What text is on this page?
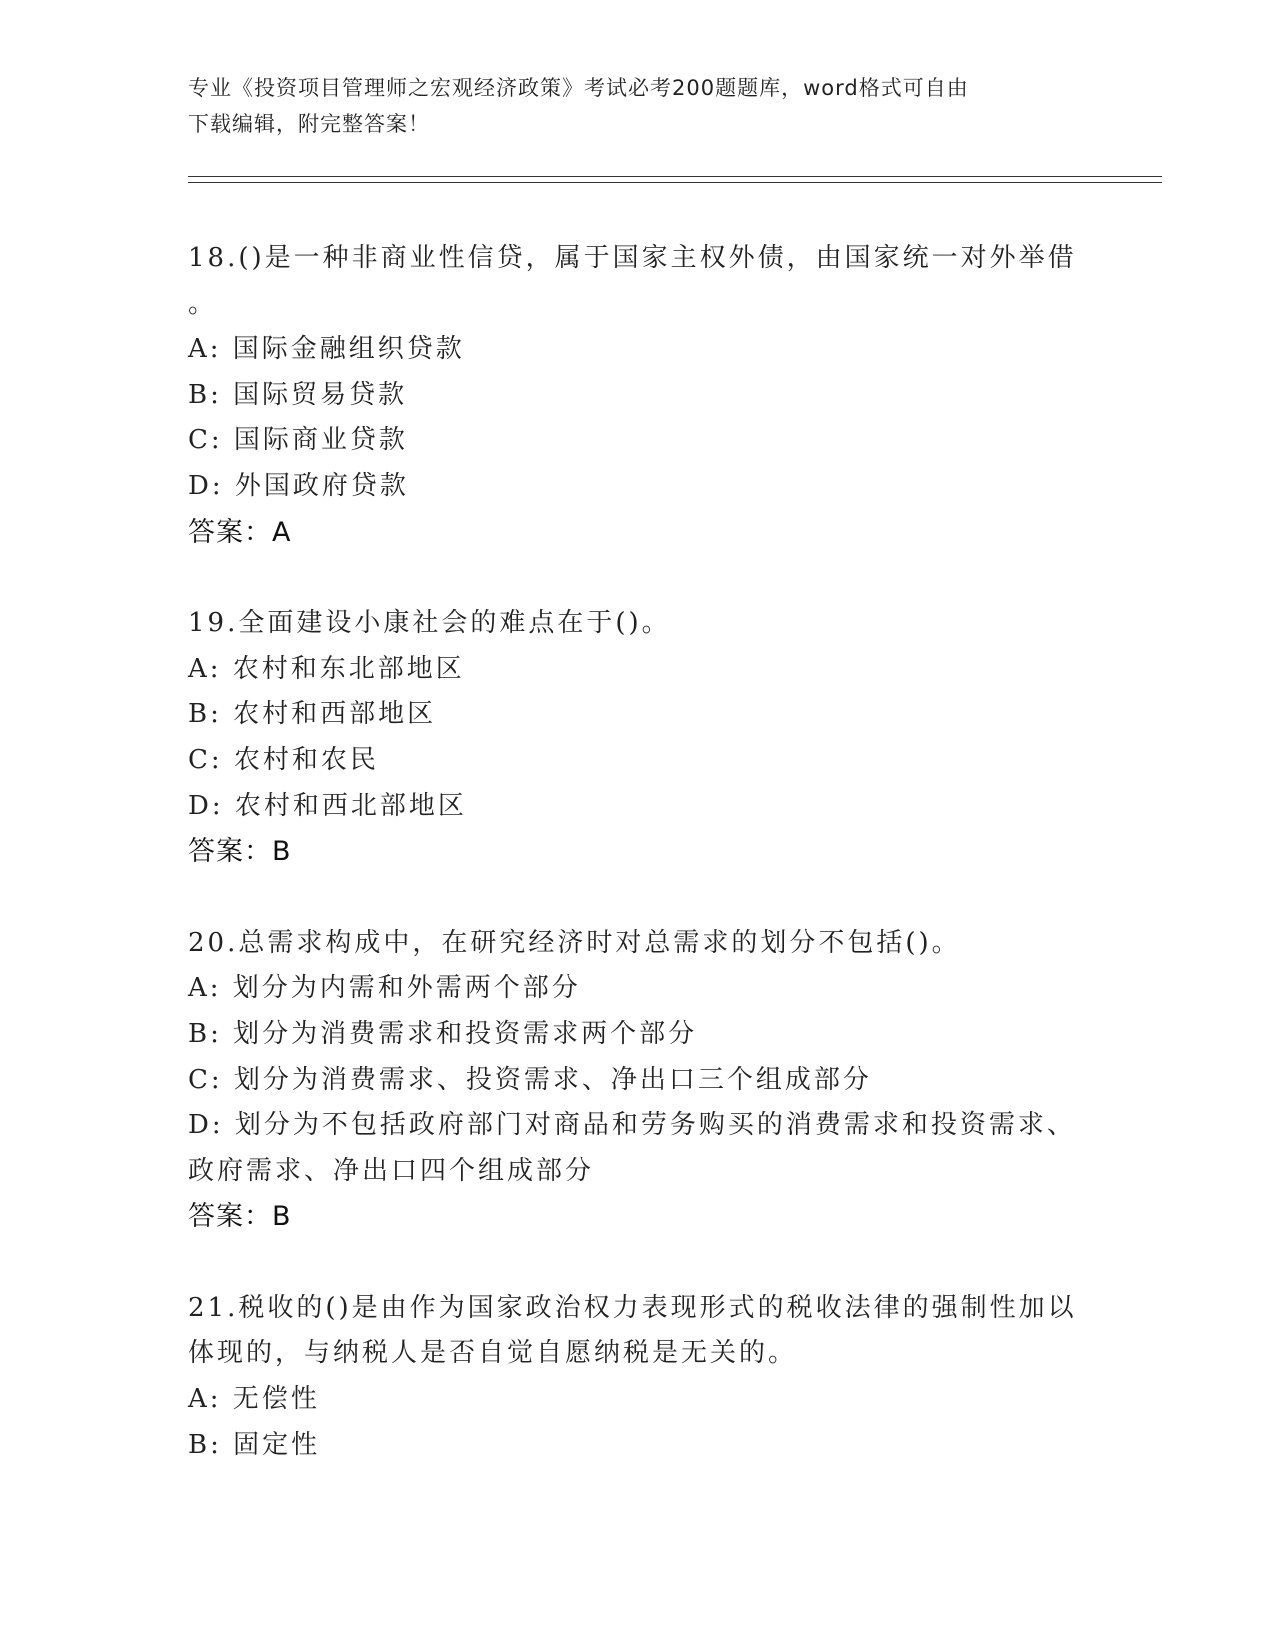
专业《投资项目管理师之宏观经济政策》考试必考200题题库，word格式可自由
下载编辑，附完整答案！
18.()是一种非商业性信贷，属于国家主权外债，由国家统一对外举借
。
A: 国际金融组织贷款
B: 国际贸易贷款
C: 国际商业贷款
D: 外国政府贷款
答案：A
19.全面建设小康社会的难点在于()。
A: 农村和东北部地区
B: 农村和西部地区
C: 农村和农民
D: 农村和西北部地区
答案：B
20.总需求构成中，在研究经济时对总需求的划分不包括()。
A: 划分为内需和外需两个部分
B: 划分为消费需求和投资需求两个部分
C: 划分为消费需求、投资需求、净出口三个组成部分
D: 划分为不包括政府部门对商品和劳务购买的消费需求和投资需求、
政府需求、净出口四个组成部分
答案：B
21.税收的()是由作为国家政治权力表现形式的税收法律的强制性加以
体现的，与纳税人是否自觉自愿纳税是无关的。
A: 无偿性
B: 固定性
